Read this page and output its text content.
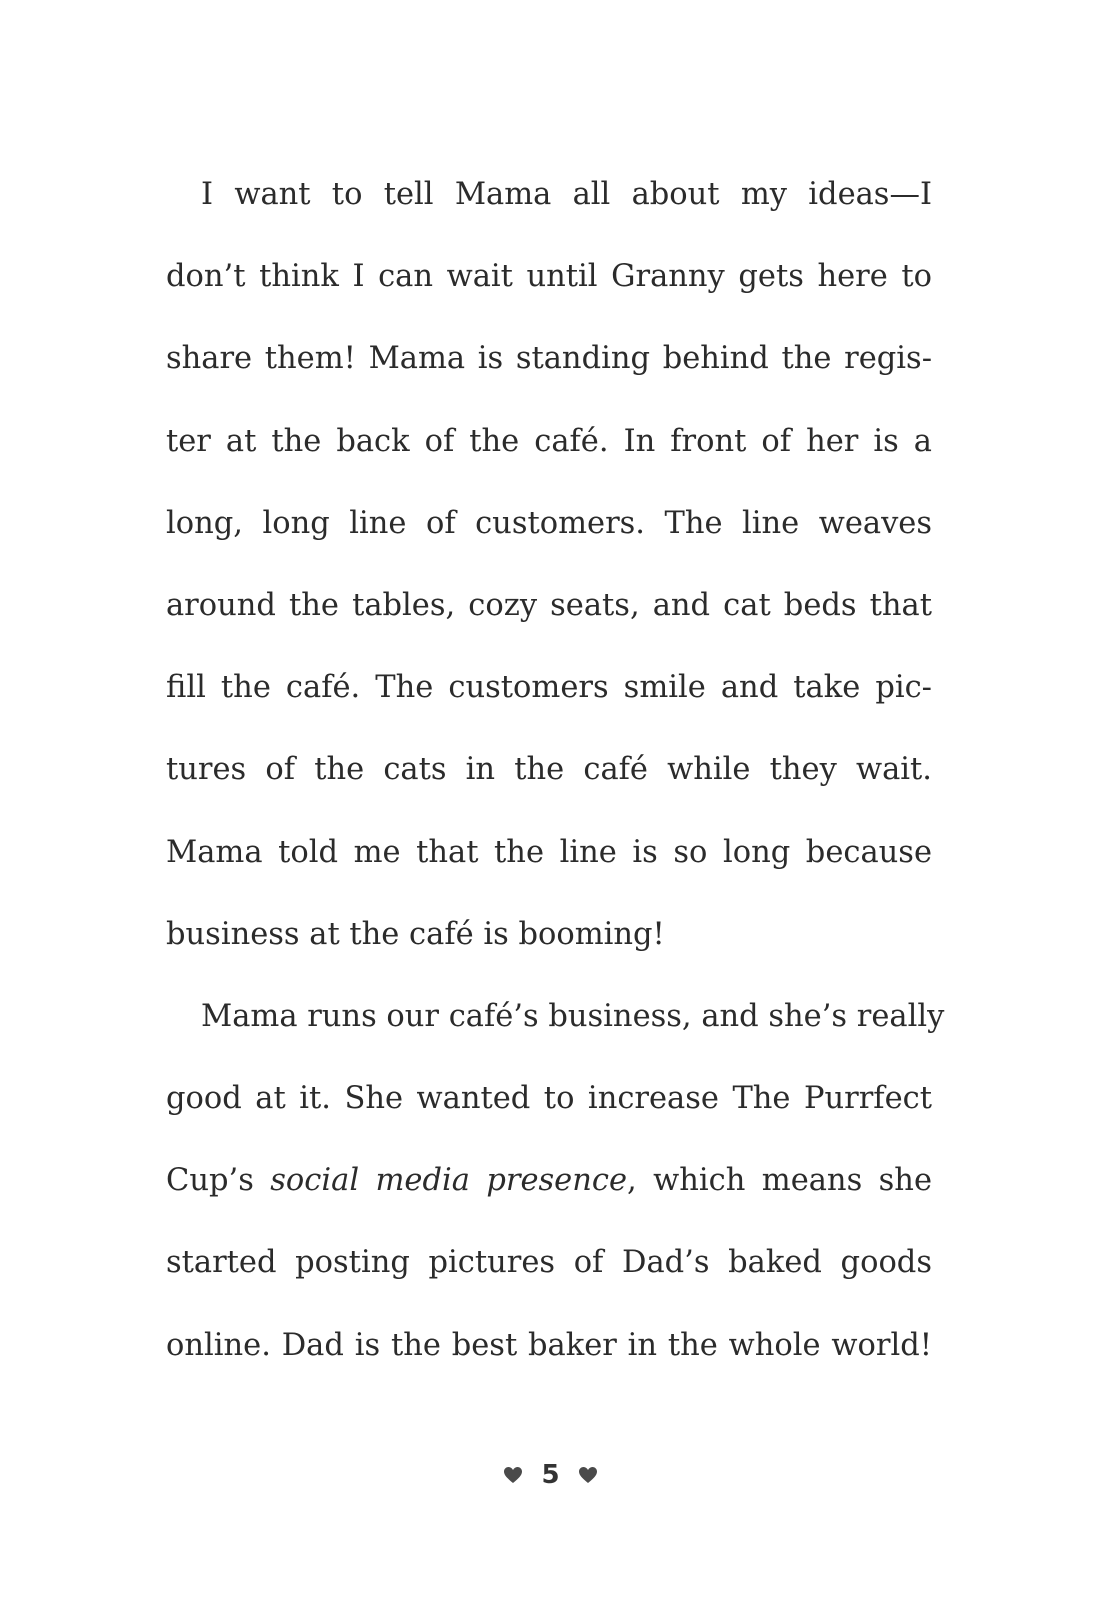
I want to tell Mama all about my ideas—I
don’t think I can wait until Granny gets here to
share them! Mama is standing behind the regis-
ter at the back of the café. In front of her is a
long, long line of customers. The line weaves
around the tables, cozy seats, and cat beds that
fill the café. The customers smile and take pic-
tures of the cats in the café while they wait.
Mama told me that the line is so long because
business at the café is booming!
Mama runs our café’s business, and she’s really
good at it. She wanted to increase The Purrfect
Cup’s social media presence, which means she
started posting pictures of Dad’s baked goods
online. Dad is the best baker in the whole world!
5
